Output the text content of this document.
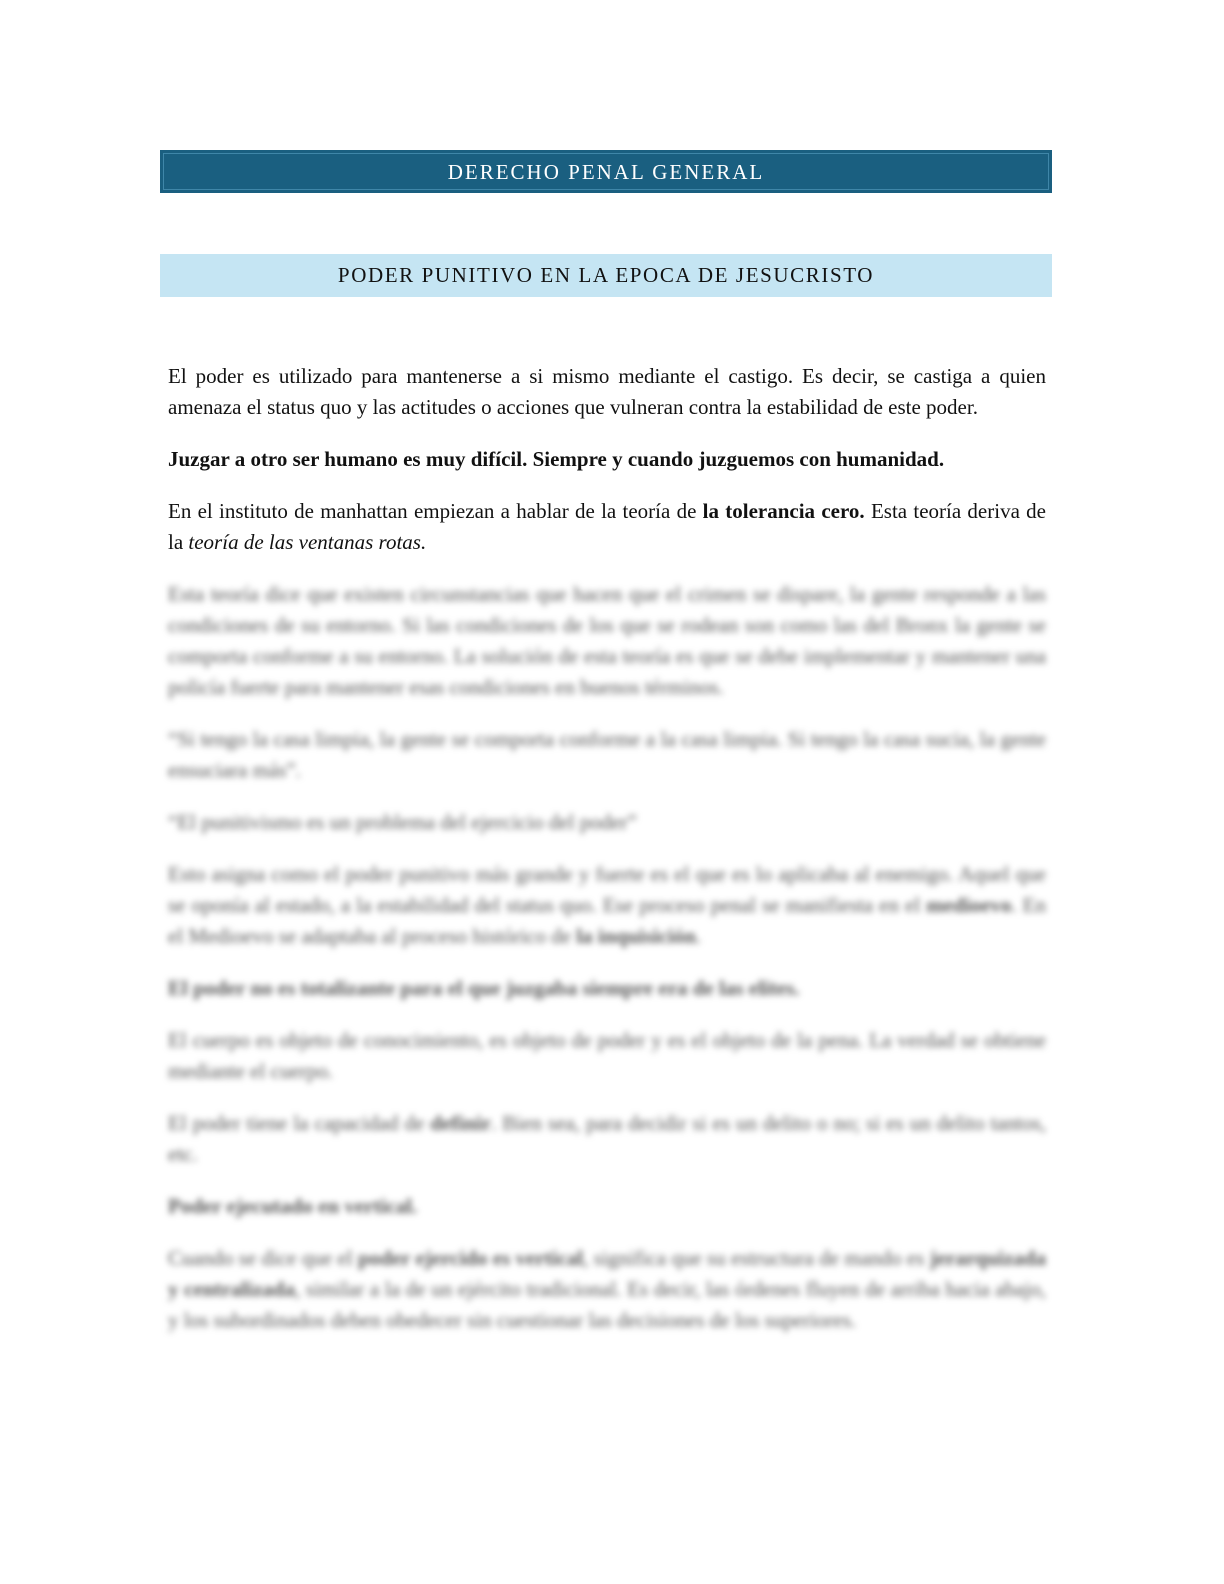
DERECHO PENAL GENERAL
PODER PUNITIVO EN LA EPOCA DE JESUCRISTO

El poder es utilizado para mantenerse a si mismo mediante el castigo. Es decir, se castiga a quien amenaza el status quo y las actitudes o acciones que vulneran contra la estabilidad de este poder.

Juzgar a otro ser humano es muy difícil. Siempre y cuando juzguemos con humanidad.

En el instituto de manhattan empiezan a hablar de la teoría de la tolerancia cero. Esta teoría deriva de la teoría de las ventanas rotas.

Esta teoría dice que existen circunstancias que hacen que el crimen se dispare, la gente responde a las condiciones de su entorno. Si las condiciones de los que se rodean son como las del Bronx la gente se comporta conforme a su entorno. La solución de esta teoría es que se debe implementar y mantener una policía fuerte para mantener esas condiciones en buenos términos.

“Si tengo la casa limpia, la gente se comporta conforme a la casa limpia. Si tengo la casa sucia, la gente ensuciara más”.

“El punitivismo es un problema del ejercicio del poder”

Esto asigna como el poder punitivo más grande y fuerte es el que es lo aplicaba al enemigo. Aquel que se oponía al estado, a la estabilidad del status quo. Ese proceso penal se manifiesta en el medioevo. En el Medioevo se adaptaba al proceso histórico de la inquisición.

El poder no es totalizante para el que juzgaba siempre era de las elites.

El cuerpo es objeto de conocimiento, es objeto de poder y es el objeto de la pena. La verdad se obtiene mediante el cuerpo.

El poder tiene la capacidad de definir. Bien sea, para decidir si es un delito o no; si es un delito tantos, etc.

Poder ejecutado en vertical.

Cuando se dice que el poder ejercido es vertical, significa que su estructura de mando es jerarquizada y centralizada, similar a la de un ejército tradicional. Es decir, las órdenes fluyen de arriba hacia abajo, y los subordinados deben obedecer sin cuestionar las decisiones de los superiores.
